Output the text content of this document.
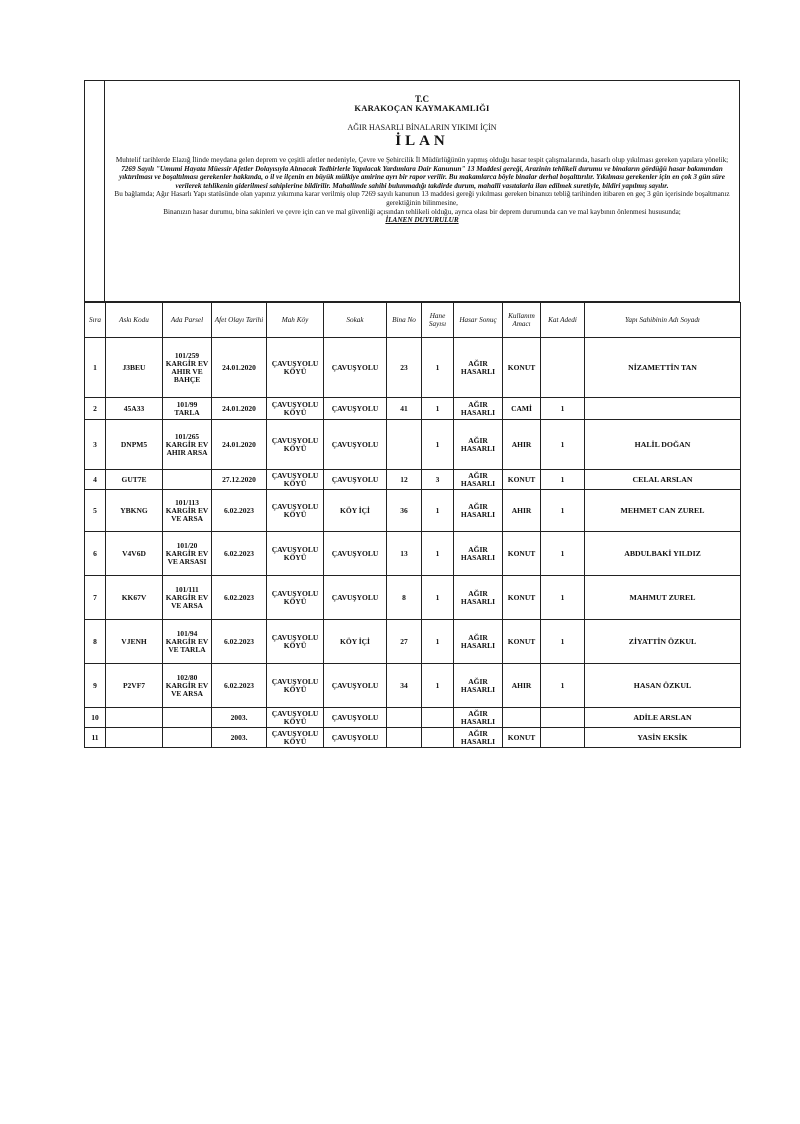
T.C
KARAKOÇAN KAYMAKAMLIĞI
AĞIR HASARLI BİNALARIN YIKIMI İÇİN
İLAN

Muhtelif tarihlerde Elazığ İlinde meydana gelen deprem ve çeşitli afetler nedeniyle, Çevre ve Şehircilik İl Müdürlüğünün yapmış olduğu hasar tespit çalışmalarında, hasarlı olup yıkılması gereken yapılara yönelik;

7269 Sayılı "Umumi Hayata Müessir Afetler Dolayısıyla Alınacak Tedbirlerle Yapılacak Yardımlara Dair Kanunun" 13 Maddesi gereği, Arazinin tehlikeli durumu ve binaların gördüğü hasar bakımından yıktırılması ve boşaltılması gerekenler hakkında, o il ve ilçenin en büyük mülkiye amirine ayrı bir rapor verilir. Bu makamlarca böyle binalar derhal boşalttırılır. Yıkılması gerekenler için en çok 3 gün süre verilerek tehlikenin giderilmesi sahiplerine bildirilir. Mahallinde sahibi bulunmadığı takdirde durum, mahalli vasıtalarla ilan edilmek suretiyle, bildiri yapılmış sayılır.

Bu bağlamda; Ağır Hasarlı Yapı statüsünde olan yapınız yıkımına karar verilmiş olup 7269 sayılı kanunun 13 maddesi gereği yıkılması gereken binanızı tebliğ tarihinden itibaren en geç 3 gün içerisinde boşaltmanız gerektiğinin bilinmesine,

Binanızın hasar durumu, bina sakinleri ve çevre için can ve mal güvenliği açısından tehlikeli olduğu, ayrıca olası bir deprem durumunda can ve mal kaybının önlenmesi hususunda;

İLANEN DUYURULUR

Sıra	Askı Kodu	Ada Parsel	Afet Olayı Tarihi	Mah Köy	Sokak	Bina No	Hane Sayısı	Hasar Sonuç	Kullanım Amacı	Kat Adedi	Yapı Sahibinin Adı Soyadı
1	J3BEU	101/259 KARGİR EV AHIR VE BAHÇE	24.01.2020	ÇAVUŞYOLU KÖYÜ	ÇAVUŞYOLU	23	1	AĞIR HASARLI	KONUT		NİZAMETTİN TAN
2	45A33	101/99 TARLA	24.01.2020	ÇAVUŞYOLU KÖYÜ	ÇAVUŞYOLU	41	1	AĞIR HASARLI	CAMİ	1	
3	DNPM5	101/265 KARGİR EV AHIR ARSA	24.01.2020	ÇAVUŞYOLU KÖYÜ	ÇAVUŞYOLU		1	AĞIR HASARLI	AHIR	1	HALİL DOĞAN
4	GUT7E		27.12.2020	ÇAVUŞYOLU KÖYÜ	ÇAVUŞYOLU	12	3	AĞIR HASARLI	KONUT	1	CELAL ARSLAN
5	YBKNG	101/113 KARGİR EV VE ARSA	6.02.2023	ÇAVUŞYOLU KÖYÜ	KÖY İÇİ	36	1	AĞIR HASARLI	AHIR	1	MEHMET CAN ZUREL
6	V4V6D	101/20 KARGİR EV VE ARSASI	6.02.2023	ÇAVUŞYOLU KÖYÜ	ÇAVUŞYOLU	13	1	AĞIR HASARLI	KONUT	1	ABDULBAKİ YILDIZ
7	KK67V	101/111 KARGİR EV VE ARSA	6.02.2023	ÇAVUŞYOLU KÖYÜ	ÇAVUŞYOLU	8	1	AĞIR HASARLI	KONUT	1	MAHMUT ZUREL
8	VJENH	101/94 KARGİR EV VE TARLA	6.02.2023	ÇAVUŞYOLU KÖYÜ	KÖY İÇİ	27	1	AĞIR HASARLI	KONUT	1	ZİYATTİN ÖZKUL
9	P2VF7	102/80 KARGİR EV VE ARSA	6.02.2023	ÇAVUŞYOLU KÖYÜ	ÇAVUŞYOLU	34	1	AĞIR HASARLI	AHIR	1	HASAN ÖZKUL
10			2003.	ÇAVUŞYOLU KÖYÜ	ÇAVUŞYOLU			AĞIR HASARLI			ADİLE ARSLAN
11			2003.	ÇAVUŞYOLU KÖYÜ	ÇAVUŞYOLU			AĞIR HASARLI	KONUT		YASİN EKSİK
